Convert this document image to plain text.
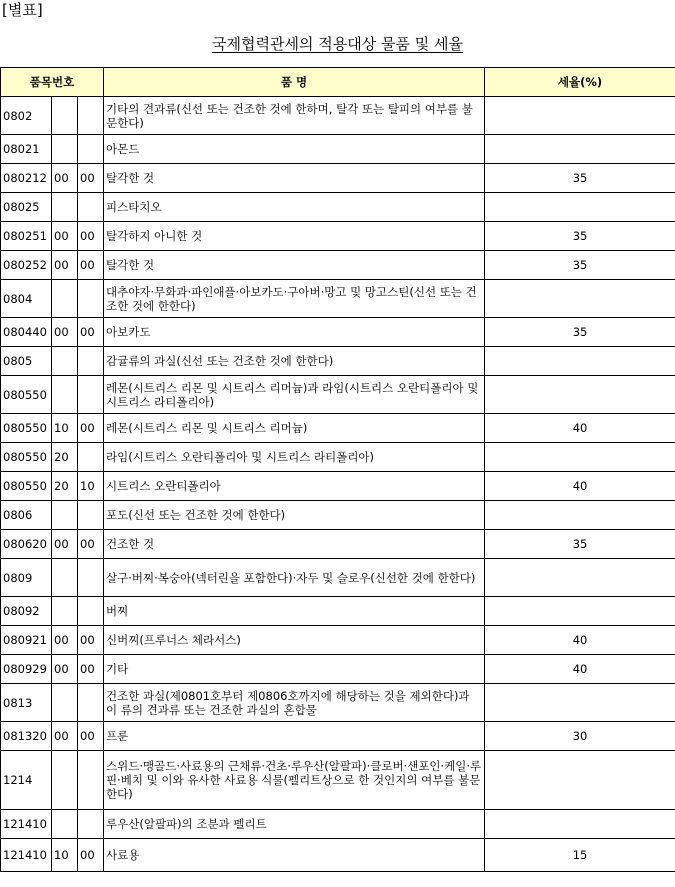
[별표]
국제협력관세의 적용대상 물품 및 세율
품목번호			품 명	세율(%)
0802			기타의 견과류(신선 또는 건조한 것에 한하며, 탈각 또는 탈피의 여부를 불문한다)	
08021			아몬드	
080212	00	00	탈각한 것	35
08025			피스타치오	
080251	00	00	탈각하지 아니한 것	35
080252	00	00	탈각한 것	35
0804			대추야자·무화과·파인애플·아보카도·구아버·망고 및 망고스틴(신선 또는 건조한 것에 한한다)	
080440	00	00	아보카도	35
0805			감귤류의 과실(신선 또는 건조한 것에 한한다)	
080550			레몬(시트리스 리몬 및 시트리스 리머늄)과 라임(시트리스 오란티폴리아 및 시트리스 라티폴리아)	
080550	10	00	레몬(시트리스 리몬 및 시트리스 리머늄)	40
080550	20		라임(시트리스 오란티폴리아 및 시트리스 라티폴리아)	
080550	20	10	시트리스 오란티폴리아	40
0806			포도(신선 또는 건조한 것에 한한다)	
080620	00	00	건조한 것	35
0809			살구·버찌·복숭아(넥터린을 포함한다)·자두 및 슬로우(신선한 것에 한한다)	
08092			버찌	
080921	00	00	신버찌(프루너스 체라서스)	40
080929	00	00	기타	40
0813			건조한 과실(제0801호부터 제0806호까지에 해당하는 것을 제외한다)과 이 류의 견과류 또는 건조한 과실의 혼합물	
081320	00	00	프룬	30
1214			스위드·맹골드·사료용의 근채류·건초·루우산(알팔파)·클로버·샌포인·케일·루핀·베치 및 이와 유사한 사료용 식물(펠리트상으로 한 것인지의 여부를 불문한다)	
121410			루우산(알팔파)의 조분과 펠리트	
121410	10	00	사료용	15
